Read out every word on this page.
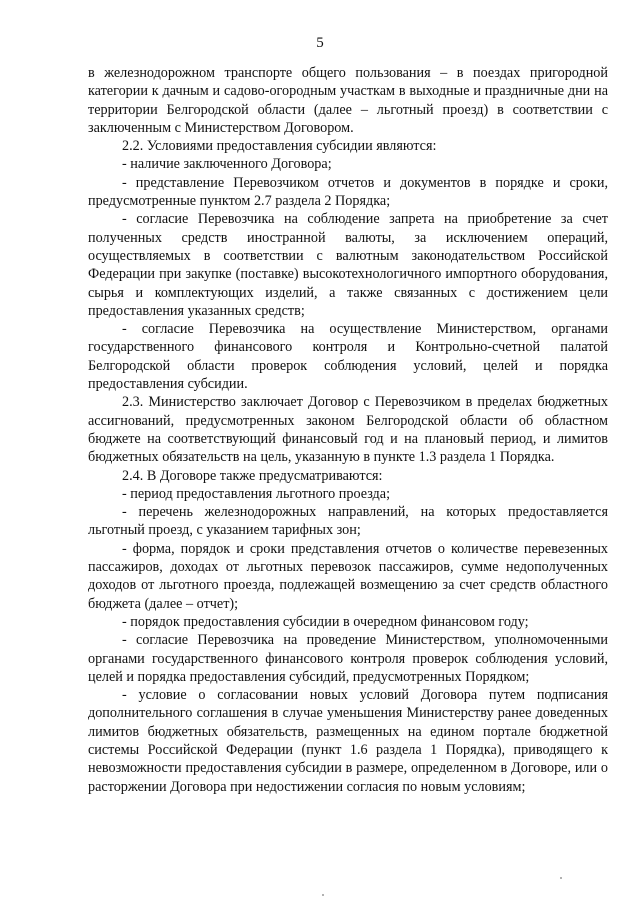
5

в железнодорожном транспорте общего пользования – в поездах пригородной категории к дачным и садово-огородным участкам в выходные и праздничные дни на территории Белгородской области (далее – льготный проезд) в соответствии с заключенным с Министерством Договором.

2.2. Условиями предоставления субсидии являются:

- наличие заключенного Договора;

- представление Перевозчиком отчетов и документов в порядке и сроки, предусмотренные пунктом 2.7 раздела 2 Порядка;

- согласие Перевозчика на соблюдение запрета на приобретение за счет полученных средств иностранной валюты, за исключением операций, осуществляемых в соответствии с валютным законодательством Российской Федерации при закупке (поставке) высокотехнологичного импортного оборудования, сырья и комплектующих изделий, а также связанных с достижением цели предоставления указанных средств;

- согласие Перевозчика на осуществление Министерством, органами государственного финансового контроля и Контрольно-счетной палатой Белгородской области проверок соблюдения условий, целей и порядка предоставления субсидии.

2.3. Министерство заключает Договор с Перевозчиком в пределах бюджетных ассигнований, предусмотренных законом Белгородской области об областном бюджете на соответствующий финансовый год и на плановый период, и лимитов бюджетных обязательств на цель, указанную в пункте 1.3 раздела 1 Порядка.

2.4. В Договоре также предусматриваются:

- период предоставления льготного проезда;

- перечень железнодорожных направлений, на которых предоставляется льготный проезд, с указанием тарифных зон;

- форма, порядок и сроки представления отчетов о количестве перевезенных пассажиров, доходах от льготных перевозок пассажиров, сумме недополученных доходов от льготного проезда, подлежащей возмещению за счет средств областного бюджета (далее – отчет);

- порядок предоставления субсидии в очередном финансовом году;

- согласие Перевозчика на проведение Министерством, уполномоченными органами государственного финансового контроля проверок соблюдения условий, целей и порядка предоставления субсидий, предусмотренных Порядком;

- условие о согласовании новых условий Договора путем подписания дополнительного соглашения в случае уменьшения Министерству ранее доведенных лимитов бюджетных обязательств, размещенных на едином портале бюджетной системы Российской Федерации (пункт 1.6 раздела 1 Порядка), приводящего к невозможности предоставления субсидии в размере, определенном в Договоре, или о расторжении Договора при недостижении согласия по новым условиям;
